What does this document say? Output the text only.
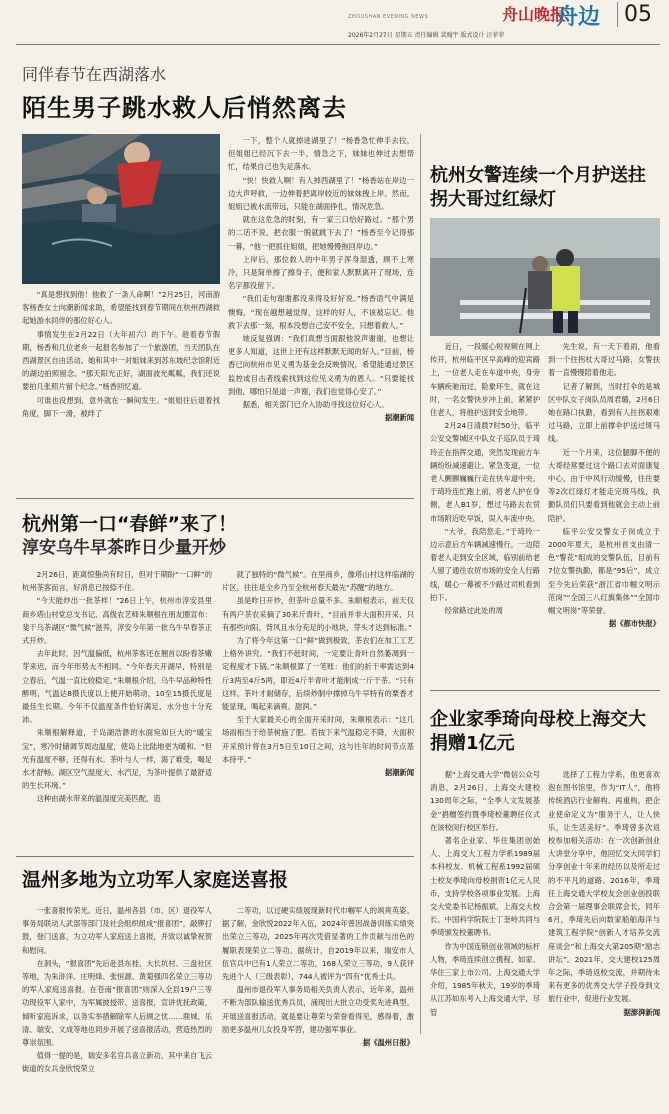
ZHOUSHAN EVENING NEWS	舟山晚报
舟边	05
2026年2月27日 星期五 责任编辑 裴翰宇 版式设计 汪菲菲
同伴春节在西湖落水
陌生男子跳水救人后悄然离去

“真是想找到他！他救了一条人命啊！”2月25日，河南游客杨香女士向潮新闻求助，希望能找到春节期间在杭州西湖救起她游水同伴的那位好心人。

事情发生在2月22日（大年初六）的下午。趁着春节假期，杨香和几位老乡一起报名参加了一个旅游团，当天团队在西湖景区自由活动。她和其中一对姐妹来到苏东坡纪念馆附近的湖边拍照留念。“那天阳光正好，湖面波光粼粼，我们还说要拍几张照片留个纪念。”杨香回忆道。

可谁也没想到，意外就在一瞬间发生。“姐姐往后退着找角度，脚下一滑，被绊了

一下，整个人就掉进湖里了！”杨香急忙伸手去拉，但姐姐已经沉下去一半，情急之下，妹妹也伸过去想帮忙，结果自己也失足落水。

“快！快救人啊！有人掉西湖里了！”杨香站在岸边一边大声呼救，一边伸着把离岸较近的妹妹拽上岸。然而，姐姐已被水流带远，只能在湖面挣扎，情况危急。

就在这危急的时刻，有一家三口恰好路过。“那个男的二话不说，把衣服一脱就跳下去了！”杨香至今记得那一幕，“他一把抓住姐姐，把她慢慢拖回岸边。”

上岸后，那位救人的中年男子浑身湿透，顾不上寒冷，只是简单擦了擦身子，便和家人默默离开了现场，连名字都没留下。

“我们走句谢谢都没来得及好好说。”杨香语气中满是懊悔，“现在越想越觉得，这样的好人，不该被忘记。他救下去那一刻，根本没想自己安不安全，只想着救人。”

她反复强调：“我们真想当面跟他说声谢谢，也想让更多人知道，这世上还有这样默默无闻的好人。”目前，杨香已向杭州市见义勇为基金会反映情况，希望能通过景区监控或目击者线索找到这位见义勇为的恩人。“只要能找到他，哪怕只是道一声谢，我们也觉得心安了。”

据悉，相关部门已介入协助寻找这位好心人。

据潮新闻

杭州女警连续一个月护送拄拐大哥过红绿灯

近日，一段暖心短视频在网上传开，杭州临平区早高峰的迎宾路上，一位老人走在车道中央，身旁车辆疾驰而过，险象环生，就在这时，一名女警快步冲上前，紧紧护住老人，将他护送到安全地带。

2月24日清晨7时50分，临平公安交警城区中队女子巡队员于琦玲正在指挥交通，突然发现前方车辆纷纷减速避让、紧急变道，一位老人颤颤巍巍行走在快车道中央。于琦玲连忙跑上前，将老人护在身侧，老人B1岁，想过马路去农贸市场附近吃早饭，误入车流中央。

“大爷，我陪您走。”于琦玲一边示意后方车辆减速慢行，一边陪着老人走到安全区域，临别前给老人留了通往农贸市场的安全人行路线，暖心一幕被不少路过司机看到拍下。

经常路过此处的周

先生说，有一天下着雨，他看到一个拄拐杖大哥过马路，女警扶着一直慢慢陪着他走。

记者了解到，当时打伞的是城区中队女子岗队员周君璐，2月6日她在路口执勤，看到有人拄拐艰难过马路，立即上前撑伞护送过斑马线。

近一个月来，这位腿脚不便的大哥经常要过这个路口去对面康复中心，由于中风行动缓慢，往往要等2次红绿灯才能走完斑马线，执勤队员们只要看到他就会主动上前陪护。

临平公安交警女子岗成立于2000年夏天，是杭州首支由清一色“警花”组成的交警队伍，目前有7位女警执勤，都是“95后”，成立至今先后荣获“浙江省巾帼文明示范岗”“全国三八红旗集体”“全国巾帼文明岗”等荣誉。

据《都市快报》

杭州第一口“春鲜”来了！
淳安乌牛早茶昨日少量开炒

2月26日，距离惊蛰尚有时日，但对于期盼“一口鲜”的杭州茶客而言，好消息已按捺不住。

“今天能炒出一批茶样！”26日上午，杭州市淳安县里商乡塔山村党总支书记、高级农艺师朱顺根在朋友圈宣布：斐干乌茶湖区“微气候”滋养，淳安今年第一批乌牛早春茶正式开炒。

去年此时，因气温偏低，杭州茶客还在翘首以盼春茶嫩芽来迟，而今年形势大不相同。“今年春天开湖早，特别是立春后，气温一直比较稳定。”朱顺根介绍，乌牛早品种特性醉明，气温达8摄氏度以上便开始萌动，10至15摄氏度是最佳生长期。今年不仅温度条件恰好满足，水分也十分充沛。

朱顺根解释道，千岛湖浩渺的水面宛如巨大的“暖宝宝”，寒冷时储调节周边温度，使岛上比陆地更为暖和。“但光有温度不够，还得有水。茶叶与人一样，渴了难受，喝足水才舒畅。湖区空气湿度大、水汽足，为茶叶提供了最舒适的生长环境。”

这种由湖水带来的温湿度完美匹配，造

就了独特的“微气候”。在里商乡，像塔山村这样临湖的片区，往往是全乡乃至全杭州春天最先“苏醒”的地方。

虽是昨日开炒，但茶叶总量不多。朱顺根表示，前天仅有两户茶农采摘了30来斤青叶，“目前并非大面积开采，只有那些向阳、背风且水分充足的小地块，芽头才达到标准。”

为了将今年这第一口“鲜”做到极致，茶农们在加工工艺上格外讲究。“我们不赶时间，一定要让青叶自然萎凋到一定程度才下锅。”朱顺根算了一笔账：他们的折干率需达到4斤3两至4斤5两，即近4斤半青叶才能制成一斤干茶。“只有这样，茶叶才耐储存，后续炒制中撑掉乌牛早特有的栗香才能显现，喝起来滴爽、甜润。”

至于大家最关心的全面开采时间，朱顺根表示：“这几场雨相当于给茶树施了肥。若按下来气温稳定不降，大面积开采预计将在3月5日至10日之间，这与往年的时间节点基本持平。”

据潮新闻

企业家季琦向母校上海交大捐赠1亿元

据“上海交通大学”微信公众号消息，2月26日，上海交大建校130周年之际，“全季人文发展基金”捐赠签约暨季琦校董聘任仪式在该校闵行校区举行。

著名企业家、华住集团创始人、上海交大工程力学系1989届本科校友、机械工程系1992届硕士校友季琦向母校捐资1亿元人民币，支持学校各项事业发展。上海交大党委书记杨振斌，上海交大校长、中国科学院院士丁奎岭共同与季琦颁发校董聘书。

作为中国连锁创业领域的标杆人物，季琦连续创立携程、如家、华住三家上市公司。上海交通大学介绍，1985年秋天，19岁的季琦从江苏如东考入上海交通大学，尽管

选择了工程力学系，他更喜欢泡在图书馆里，作为“IT人”，他将传统酒店行业解构、再重构，把企业使命定义为“服务于人，让人快乐，让生活美好”。季琦曾多次返校参加相关活动：在一次创新创业大讲堂分享中，他回忆交大同学们分享创业十年来的经历以及所走过的不平凡的道路。2016年，季琦任上海交通大学校友会创业创投联合会第一届理事会联席会长，同年6月，季琦先后向数家船舶海洋与建筑工程学院“创新人才培养交流座谈会”和上海交大第205期“励志讲坛”。2021年，交大建校125周年之际，季琦返校交流，并期待未来有更多的优秀交大学子投身到文旅行业中，促进行业发展。

据澎湃新闻

温州多地为立功军人家庭送喜报

一张喜报传荣光。近日，温州各县（市、区）退役军人事务局联动人武部等部门及社会组织组成“报喜团”，敲锣打鼓，登门送喜，为立功军人家庭送上喜报，并致以诚挚祝贺和慰问。

在洞头，“报喜团”先后赴县东桂、大长坑村、三盘社区等地，为朱浒洋、庄明烽、张恒源、黄菊强四名荣立三等功的军人家庭送喜报。在苍南“报喜团”则深入全县19户三等功现役军人家中，为军属披授带、送喜报，宣讲优抚政策，倾听家庭诉求，以务实举措解除军人后顾之忧……鹿城、乐清、瑞安、文成等地也同步开展了送喜报活动，营造热烈的尊崇氛围。

值得一提的是，瑞安多名官兵喜立新功，其中来自飞云街道的女兵金欣悦荣立

二等功，以过硬实绩展现新时代巾帼军人的飒爽英姿。据了解，金欣悦2022年入伍，2024年曾因战备训练实绩突出荣立三等功，2025年再次凭借显著的工作贡献与出色的履职表现荣立二等功。据统计，自2019年以来，瑞安市人伍官兵中已有1人荣立二等功，168人荣立三等功，9人获评先进个人（三级表彰），744人被评为“四有”优秀士兵。

温州市退役军人事务局相关负责人表示，近年来，温州不断为部队输送优秀兵员，涌现出大批立功受奖先进典型，开展送喜报活动，就是要让尊荣与荣誉看得见，感得着，激励更多温州儿女投身军营，建功强军事业。

据《温州日报》
